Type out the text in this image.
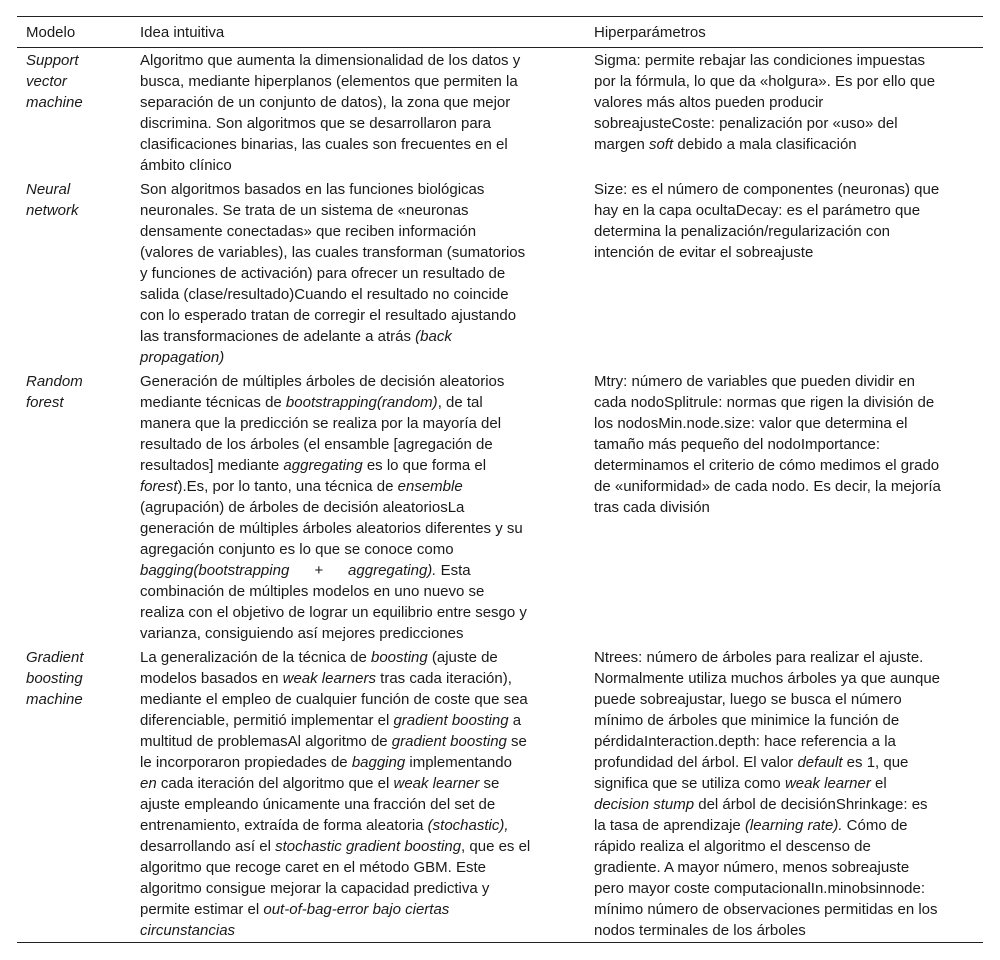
Modelo	Idea intuitiva	Hiperparámetros
Support
vector
machine
Algoritmo que aumenta la dimensionalidad de los datos y
busca, mediante hiperplanos (elementos que permiten la
separación de un conjunto de datos), la zona que mejor
discrimina. Son algoritmos que se desarrollaron para
clasificaciones binarias, las cuales son frecuentes en el
ámbito clínico
Sigma: permite rebajar las condiciones impuestas
por la fórmula, lo que da «holgura». Es por ello que
valores más altos pueden producir
sobreajusteCoste: penalización por «uso» del
margen soft debido a mala clasificación
Neural
network
Son algoritmos basados en las funciones biológicas
neuronales. Se trata de un sistema de «neuronas
densamente conectadas» que reciben información
(valores de variables), las cuales transforman (sumatorios
y funciones de activación) para ofrecer un resultado de
salida (clase/resultado)Cuando el resultado no coincide
con lo esperado tratan de corregir el resultado ajustando
las transformaciones de adelante a atrás (back
propagation)
Size: es el número de componentes (neuronas) que
hay en la capa ocultaDecay: es el parámetro que
determina la penalización/regularización con
intención de evitar el sobreajuste
Random
forest
Generación de múltiples árboles de decisión aleatorios
mediante técnicas de bootstrapping(random), de tal
manera que la predicción se realiza por la mayoría del
resultado de los árboles (el ensamble [agregación de
resultados] mediante aggregating es lo que forma el
forest).Es, por lo tanto, una técnica de ensemble
(agrupación) de árboles de decisión aleatoriosLa
generación de múltiples árboles aleatorios diferentes y su
agregación conjunto es lo que se conoce como
bagging(bootstrapping      +      aggregating). Esta
combinación de múltiples modelos en uno nuevo se
realiza con el objetivo de lograr un equilibrio entre sesgo y
varianza, consiguiendo así mejores predicciones
Mtry: número de variables que pueden dividir en
cada nodoSplitrule: normas que rigen la división de
los nodosMin.node.size: valor que determina el
tamaño más pequeño del nodoImportance:
determinamos el criterio de cómo medimos el grado
de «uniformidad» de cada nodo. Es decir, la mejoría
tras cada división
Gradient
boosting
machine
La generalización de la técnica de boosting (ajuste de
modelos basados en weak learners tras cada iteración),
mediante el empleo de cualquier función de coste que sea
diferenciable, permitió implementar el gradient boosting a
multitud de problemasAl algoritmo de gradient boosting se
le incorporaron propiedades de bagging implementando
en cada iteración del algoritmo que el weak learner se
ajuste empleando únicamente una fracción del set de
entrenamiento, extraída de forma aleatoria (stochastic),
desarrollando así el stochastic gradient boosting, que es el
algoritmo que recoge caret en el método GBM. Este
algoritmo consigue mejorar la capacidad predictiva y
permite estimar el out-of-bag-error bajo ciertas
circunstancias
Ntrees: número de árboles para realizar el ajuste.
Normalmente utiliza muchos árboles ya que aunque
puede sobreajustar, luego se busca el número
mínimo de árboles que minimice la función de
pérdidaInteraction.depth: hace referencia a la
profundidad del árbol. El valor default es 1, que
significa que se utiliza como weak learner el
decision stump del árbol de decisiónShrinkage: es
la tasa de aprendizaje (learning rate). Cómo de
rápido realiza el algoritmo el descenso de
gradiente. A mayor número, menos sobreajuste
pero mayor coste computacionalIn.minobsinnode:
mínimo número de observaciones permitidas en los
nodos terminales de los árboles
